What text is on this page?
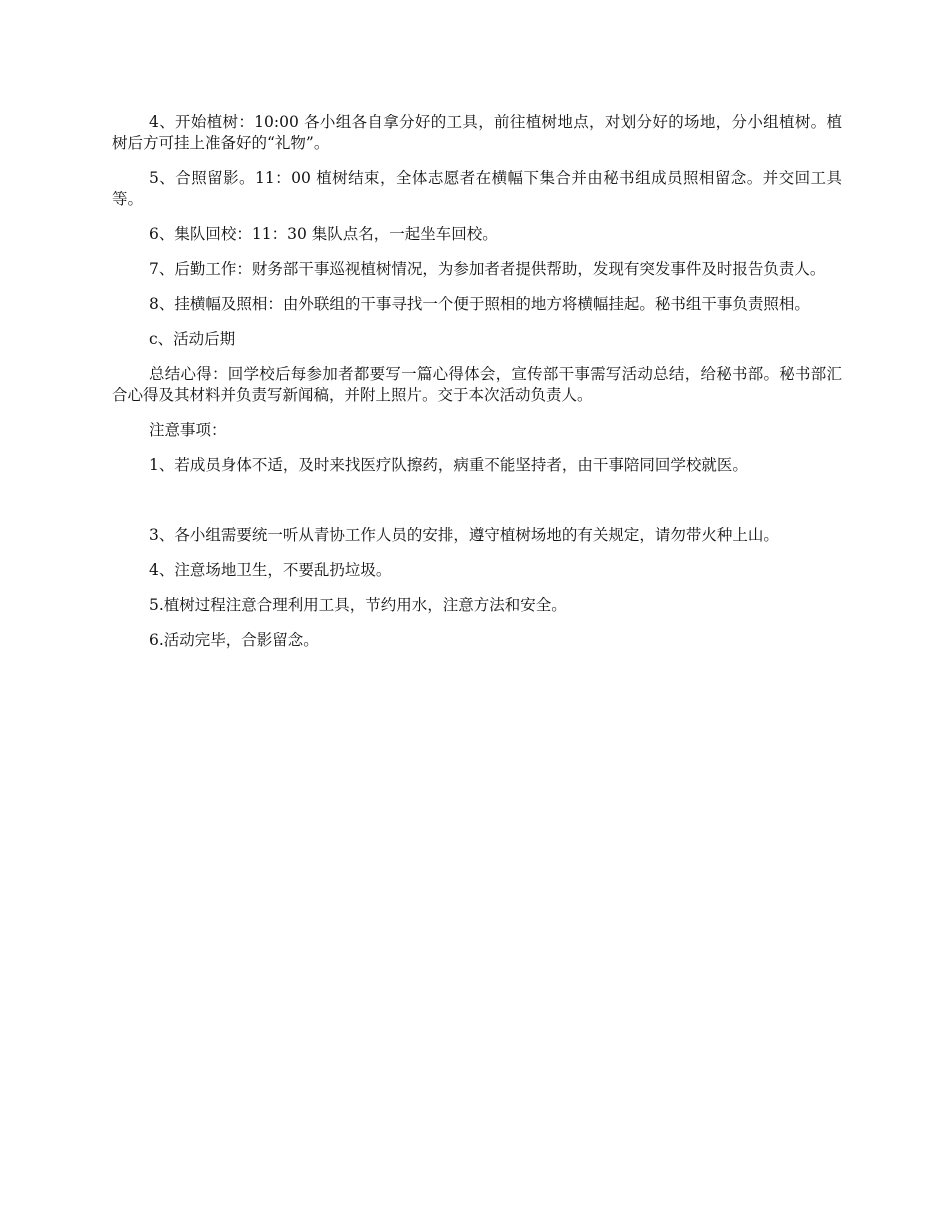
4、开始植树：10:00 各小组各自拿分好的工具，前往植树地点，对划分好的场地，分小组植树。植树后方可挂上准备好的“礼物”。

5、合照留影。11：00 植树结束，全体志愿者在横幅下集合并由秘书组成员照相留念。并交回工具等。

6、集队回校：11：30 集队点名，一起坐车回校。

7、后勤工作：财务部干事巡视植树情况，为参加者者提供帮助，发现有突发事件及时报告负责人。

8、挂横幅及照相：由外联组的干事寻找一个便于照相的地方将横幅挂起。秘书组干事负责照相。

c、活动后期

总结心得：回学校后每参加者都要写一篇心得体会，宣传部干事需写活动总结，给秘书部。秘书部汇合心得及其材料并负责写新闻稿，并附上照片。交于本次活动负责人。

注意事项：

1、若成员身体不适，及时来找医疗队擦药，病重不能坚持者，由干事陪同回学校就医。

3、各小组需要统一听从青协工作人员的安排，遵守植树场地的有关规定，请勿带火种上山。

4、注意场地卫生，不要乱扔垃圾。

5.植树过程注意合理利用工具，节约用水，注意方法和安全。

6.活动完毕，合影留念。
